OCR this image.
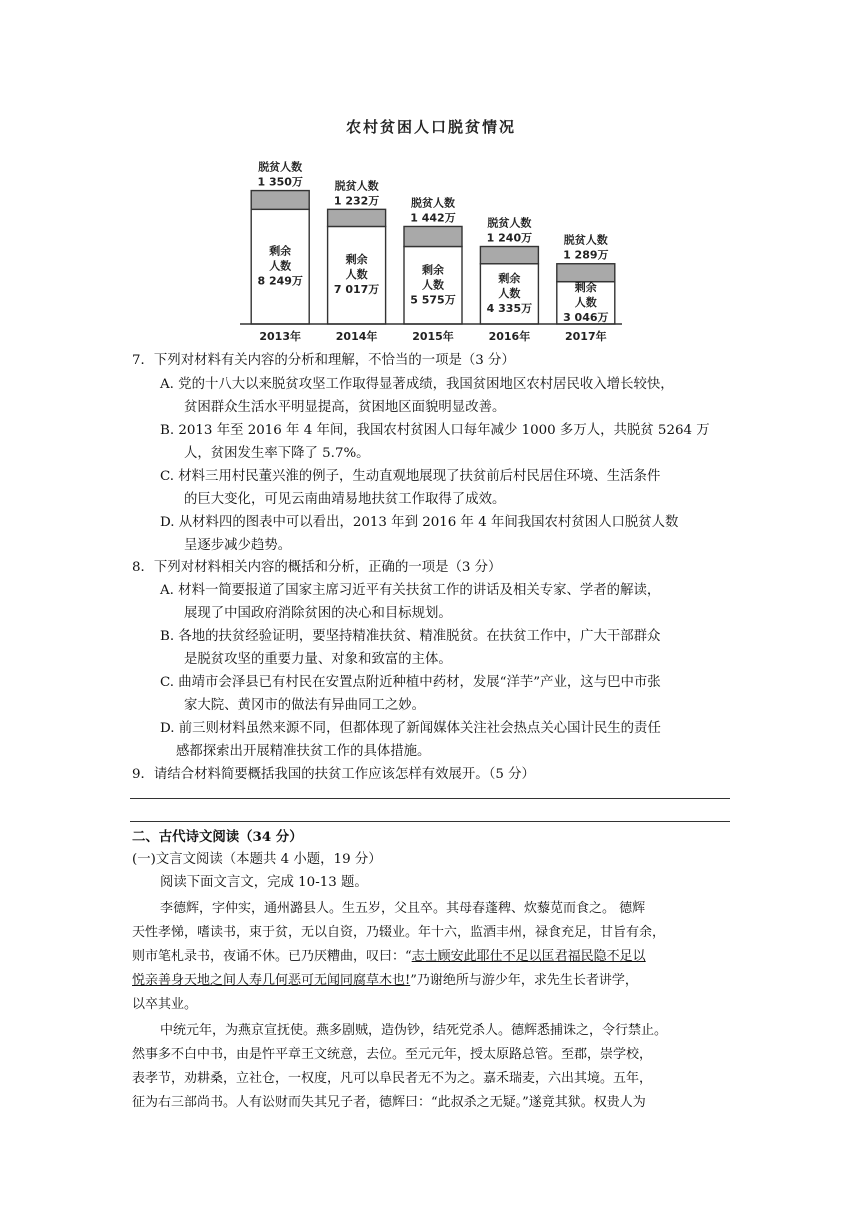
农村贫困人口脱贫情况
脱贫人数
1 350万
剩余
人数
8 249万
2013年
脱贫人数
1 232万
剩余
人数
7 017万
2014年
脱贫人数
1 442万
剩余
人数
5 575万
2015年
脱贫人数
1 240万
剩余
人数
4 335万
2016年
脱贫人数
1 289万
剩余
人数
3 046万
2017年
7．下列对材料有关内容的分析和理解，不恰当的一项是（3 分）
A. 党的十八大以来脱贫攻坚工作取得显著成绩，我国贫困地区农村居民收入增长较快，
贫困群众生活水平明显提高，贫困地区面貌明显改善。
B. 2013 年至 2016 年 4 年间，我国农村贫困人口每年减少 1000 多万人，共脱贫 5264 万
人，贫困发生率下降了 5.7%。
C. 材料三用村民董兴淮的例子，生动直观地展现了扶贫前后村民居住环境、生活条件
的巨大变化，可见云南曲靖易地扶贫工作取得了成效。
D. 从材料四的图表中可以看出，2013 年到 2016 年 4 年间我国农村贫困人口脱贫人数
呈逐步减少趋势。
8．下列对材料相关内容的概括和分析，正确的一项是（3 分）
A. 材料一简要报道了国家主席习近平有关扶贫工作的讲话及相关专家、学者的解读，
展现了中国政府消除贫困的决心和目标规划。
B. 各地的扶贫经验证明，要坚持精准扶贫、精准脱贫。在扶贫工作中，广大干部群众
是脱贫攻坚的重要力量、对象和致富的主体。
C. 曲靖市会泽县已有村民在安置点附近种植中药材，发展“洋芋”产业，这与巴中市张
家大院、黄冈市的做法有异曲同工之妙。
D. 前三则材料虽然来源不同，但都体现了新闻媒体关注社会热点关心国计民生的责任
感都探索出开展精准扶贫工作的具体措施。
9．请结合材料简要概括我国的扶贫工作应该怎样有效展开。（5 分）
二、古代诗文阅读（34 分）
(一)文言文阅读（本题共 4 小题，19 分）
阅读下面文言文，完成 10-13 题。
李德辉，字仲实，通州潞县人。生五岁，父且卒。其母春蓬稗、炊藜苋而食之。 德辉
天性孝悌，嗜读书，束于贫，无以自资，乃辍业。年十六，监酒丰州，禄食充足，甘旨有余，
则市笔札录书，夜诵不休。已乃厌糟曲，叹曰：“志士顾安此耶仕不足以匡君福民隐不足以
悦亲善身天地之间人寿几何恶可无闻同腐草木也!”乃谢绝所与游少年，求先生长者讲学，
以卒其业。
中统元年，为燕京宣抚使。燕多剧贼，造伪钞，结死党杀人。德辉悉捕诛之，令行禁止。
然事多不白中书，由是忤平章王文统意，去位。至元元年，授太原路总管。至郡，崇学校，
表孝节，劝耕桑，立社仓，一权度，凡可以阜民者无不为之。嘉禾瑞麦，六出其境。五年，
征为右三部尚书。人有讼财而失其兄子者，德辉曰：“此叔杀之无疑。”遂竟其狱。权贵人为
